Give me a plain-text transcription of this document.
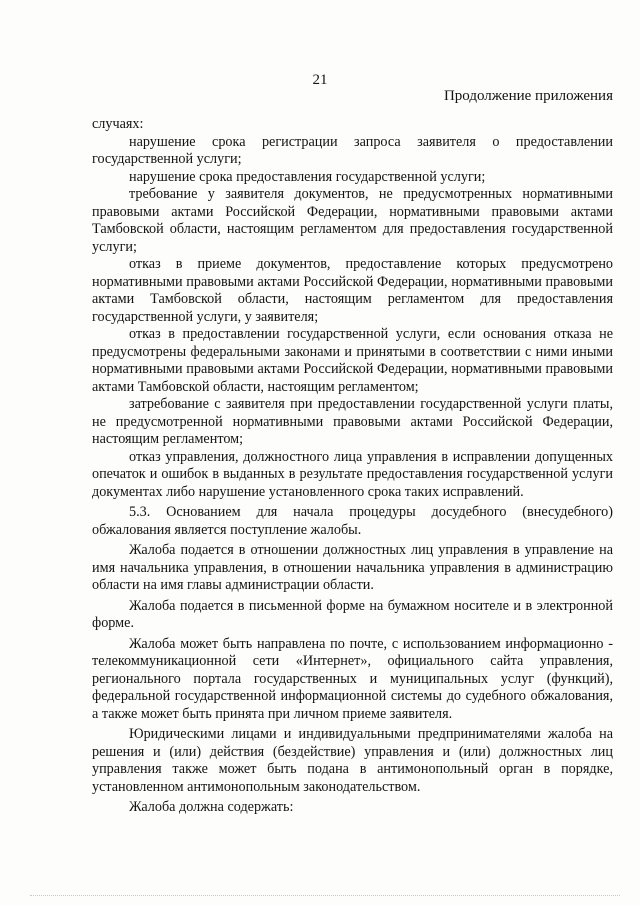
21
Продолжение приложения

случаях:

нарушение срока регистрации запроса заявителя о предоставлении государственной услуги;

нарушение срока предоставления государственной услуги;

требование у заявителя документов, не предусмотренных нормативными правовыми актами Российской Федерации, нормативными правовыми актами Тамбовской области, настоящим регламентом для предоставления государственной услуги;

отказ в приеме документов, предоставление которых предусмотрено нормативными правовыми актами Российской Федерации, нормативными правовыми актами Тамбовской области, настоящим регламентом для предоставления государственной услуги, у заявителя;

отказ в предоставлении государственной услуги, если основания отказа не предусмотрены федеральными законами и принятыми в соответствии с ними иными нормативными правовыми актами Российской Федерации, нормативными правовыми актами Тамбовской области, настоящим регламентом;

затребование с заявителя при предоставлении государственной услуги платы, не предусмотренной нормативными правовыми актами Российской Федерации, настоящим регламентом;

отказ управления, должностного лица управления в исправлении допущенных опечаток и ошибок в выданных в результате предоставления государственной услуги документах либо нарушение установленного срока таких исправлений.

5.3. Основанием для начала процедуры досудебного (внесудебного) обжалования является поступление жалобы.

Жалоба подается в отношении должностных лиц управления в управление на имя начальника управления, в отношении начальника управления в администрацию области на имя главы администрации области.

Жалоба подается в письменной форме на бумажном носителе и в электронной форме.

Жалоба может быть направлена по почте, с использованием информационно - телекоммуникационной сети «Интернет», официального сайта управления, регионального портала государственных и муниципальных услуг (функций), федеральной государственной информационной системы до судебного обжалования, а также может быть принята при личном приеме заявителя.

Юридическими лицами и индивидуальными предпринимателями жалоба на решения и (или) действия (бездействие) управления и (или) должностных лиц управления также может быть подана в антимонопольный орган в порядке, установленном антимонопольным законодательством.

Жалоба должна содержать:
